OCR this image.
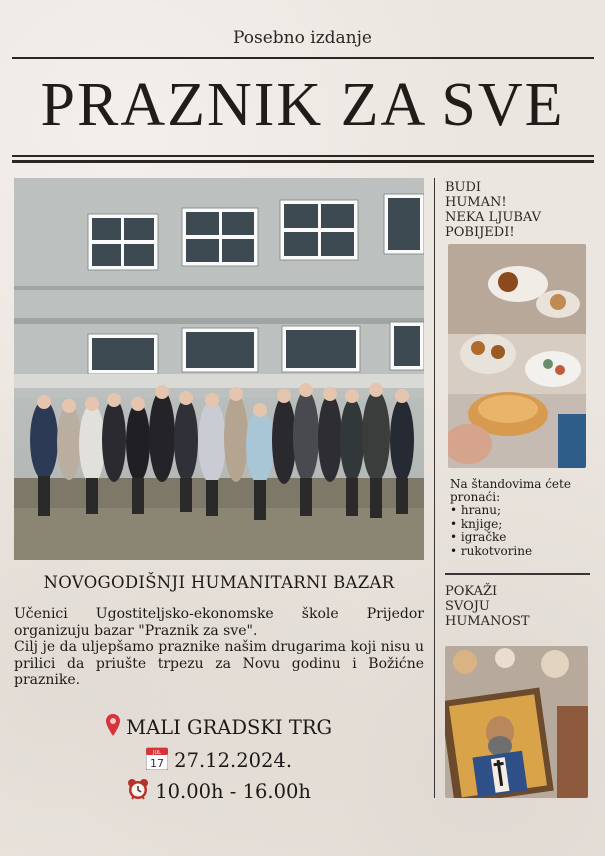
Posebno izdanje
PRAZNIK ZA SVE
BUDI
HUMAN!
NEKA LJUBAV
POBIJEDI!
Na štandovima ćete
pronaći:
• hranu;
• knjige;
• igračke
• rukotvorine
POKAŽI
SVOJU
HUMANOST
NOVOGODIŠNJI HUMANITARNI BAZAR

Učenici Ugostiteljsko-ekonomske škole Prijedor organizuju bazar "Praznik za sve".

Cilj je da uljepšamo praznike našim drugarima koji nisu u prilici da priušte trpezu za Novu godinu i Božićne praznike.

MALI GRADSKI TRG
JUL
17 27.12.2024.
10.00h - 16.00h
